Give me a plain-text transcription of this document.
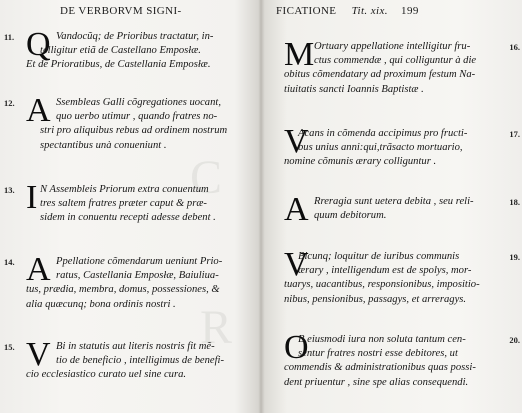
C
R
DE VERBORVM SIGNI-
11. Q Vandocũq; de Prioribus tractatur, in-
telligitur etiã de Castellano Emposłæ.
Et de Prioratibus, de Castellania Emposłæ.
12. A Ssembleas Galli cõgregationes uocant,
quo uerbo utimur , quando fratres no-
stri pro aliquibus rebus ad ordinem nostrum
spectantibus unà conueniunt .
13. I N Assembleis Priorum extra conuentum
tres saltem fratres præter caput & præ-
sidem in conuentu recepti adesse debent .
14. A Ppellatione cõmendarum ueniunt Prio-
ratus, Castellania Emposłæ, Baiuliua-
tus, prædia, membra, domus, possessiones, &
alia quæcunq; bona ordinis nostri .
15. V Bi in statutis aut literis nostris fit mẽ-
tio de beneficio , intelligimus de benefi-
cio ecclesiastico curato uel sine cura.
FICATIONE Tit. xix. 199
16.
M Ortuary appellatione intelligitur fru-
ctus commendæ , qui colliguntur à die
obitus cõmendatary ad proximum festum Na-
tiuitatis sancti Ioannis Baptistæ .
17.
V
Acans in cõmenda accipimus pro fructi-
bus unius anni:qui,trãsacto mortuario,
nomine cõmunis ærary colliguntur .
18.
A Rreragia sunt uetera debita , seu reli-
quum debitorum.
19.
V
Bicunq; loquitur de iuribus communis
ærary , intelligendum est de spolys, mor-
tuarys, uacantibus, responsionibus, impositio-
nibus, pensionibus, passagys, et arreragys.
20.
O
B eiusmodi iura non soluta tantum cen-
sentur fratres nostri esse debitores, ut
commendis & administrationibus quas possi-
dent priuentur , sine spe alias consequendi.
